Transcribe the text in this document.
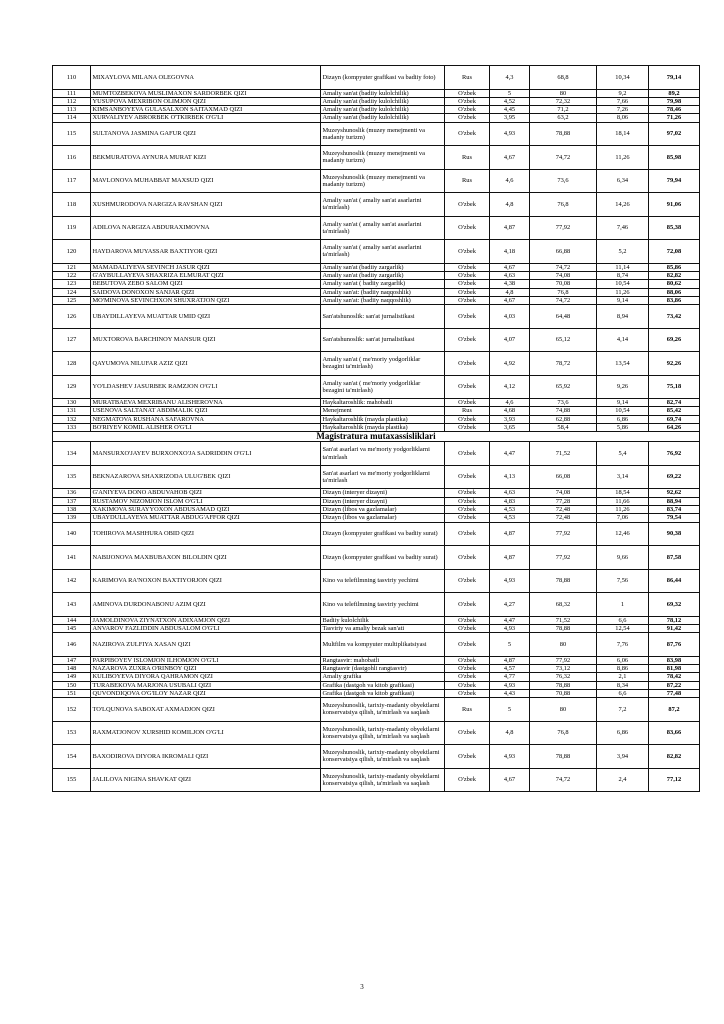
110	MIXAYLOVA MILANA OLEGOVNA	Dizayn (kompyuter grafikasi va badiiy foto)	Rus	4,3	68,8	10,34	79,14
111	MUMTOZBEKOVA MUSLIMAXON SARDORBEK QIZI	Amaliy san'at (badiiy kulolchilik)	O'zbek	5	80	9,2	89,2
112	YUSUPOVA MEXRIBON OLIMJON QIZI	Amaliy san'at (badiiy kulolchilik)	O'zbek	4,52	72,32	7,66	79,98
113	KIMSANBOYEVA GULASALXON SAITAXMAD QIZI	Amaliy san'at (badiiy kulolchilik)	O'zbek	4,45	71,2	7,26	78,46
114	XURVALIYEV ABRORBEK O'TKIRBEK O'G'LI	Amaliy san'at (badiiy kulolchilik)	O'zbek	3,95	63,2	8,06	71,26
115	SULTANOVA JASMINA GAFUR QIZI	Muzeyshunoslik (muzey menejmenti va madaniy turizm)	O'zbek	4,93	78,88	18,14	97,02
116	BEKMURATOVA AYNURA MURAT KIZI	Muzeyshunoslik (muzey menejmenti va madaniy turizm)	Rus	4,67	74,72	11,26	85,98
117	MAVLONOVA MUHABBAT MAXSUD QIZI	Muzeyshunoslik (muzey menejmenti va madaniy turizm)	Rus	4,6	73,6	6,34	79,94
118	XUSHMURODOVA NARGIZA RAVSHAN QIZI	Amaliy san'at ( amaliy san'at asarlarini ta'mirlash)	O'zbek	4,8	76,8	14,26	91,06
119	ADILOVA NARGIZA ABDURAXIMOVNA	Amaliy san'at ( amaliy san'at asarlarini ta'mirlash)	O'zbek	4,87	77,92	7,46	85,38
120	HAYDAROVA MUYASSAR BAXTIYOR QIZI	Amaliy san'at ( amaliy san'at asarlarini ta'mirlash)	O'zbek	4,18	66,88	5,2	72,08
121	MAMADALIYEVA SEVINCH JASUR QIZI	Amaliy san'at (badiiy zargarlik)	O'zbek	4,67	74,72	11,14	85,86
122	G'AYBULLAYEVA SHAXRIZA ELMURAT QIZI	Amaliy san'at (badiiy zargarlik)	O'zbek	4,63	74,08	8,74	82,82
123	BEBUTOVA ZEBO SALOM QIZI	Amaliy san'at ( badiiy zargarlik)	O'zbek	4,38	70,08	10,54	80,62
124	SAIDOVA DONOXON SANJAR QIZI	Amaliy san'at: (badiiy naqqoshlik)	O'zbek	4,8	76,8	11,26	88,06
125	MO'MINOVA SEVINCHXON SHUXRATJON QIZI	Amaliy san'at: (badiiy naqqoshlik)	O'zbek	4,67	74,72	9,14	83,86
126	UBAYDILLAYEVA MUATTAR UMID QIZI	San'atshunoslik: san'at jurnalistikasi	O'zbek	4,03	64,48	8,94	73,42
127	MUXTOROVA BARCHINOY MANSUR QIZI	San'atshunoslik: san'at jurnalistikasi	O'zbek	4,07	65,12	4,14	69,26
128	QAYUMOVA NILUFAR AZIZ QIZI	Amaliy san'at ( me'moriy yodgorliklar bezagini ta'mirlash)	O'zbek	4,92	78,72	13,54	92,26
129	YO'LDASHEV JASURBEK RAMZJON O'G'LI	Amaliy san'at ( me'moriy yodgorliklar bezagini ta'mirlash)	O'zbek	4,12	65,92	9,26	75,18
130	MURATBAEVA MEXRIBANU ALISHEROVNA	Haykaltaroshlik: mahobatli	O'zbek	4,6	73,6	9,14	82,74
131	USENOVA SALTANAT ABDIMALIK QIZI	Menejment	Rus	4,68	74,88	10,54	85,42
132	NEGMATOVA RUSHANA SAFAROVNA	Haykaltaroshlik (mayda plastika)	O'zbek	3,93	62,88	6,86	69,74
133	BO'RIYEV KOMIL ALISHER O'G'LI	Haykaltaroshlik (mayda plastika)	O'zbek	3,65	58,4	5,86	64,26
Magistratura mutaxassisliklari							
134	MANSURXO'JAYEV BURXONXO'JA SADRIDDIN O'G'LI	San'at asarlari va me'moriy yodgorliklarni ta'mirlash	O'zbek	4,47	71,52	5,4	76,92
135	BEKNAZAROVA SHAXRIZODA ULUG'BEK QIZI	San'at asarlari va me'moriy yodgorliklarni ta'mirlash	O'zbek	4,13	66,08	3,14	69,22
136	G'ANIYEVA DONO ABDUVAHOB QIZI	Dizayn (interyer dizayni)	O'zbek	4,63	74,08	18,54	92,62
137	RUSTAMOV NIZOMJON ISLOM O'G'LI	Dizayn (interyer dizayni)	O'zbek	4,83	77,28	11,66	88,94
138	XAKIMOVA SURAYYOXON ABDUSAMAD QIZI	Dizayn (libos va gazlamalar)	O'zbek	4,53	72,48	11,26	83,74
139	UBAYDULLAYEVA MUATTAR ABDUG'AFFOR QIZI	Dizayn (libos va gazlamalar)	O'zbek	4,53	72,48	7,06	79,54
140	TOHIROVA MASHHURA OBID QIZI	Dizayn (kompyuter grafikasi va badiiy surat)	O'zbek	4,87	77,92	12,46	90,38
141	NABIJONOVA MAXBUBAXON BILOLDIN QIZI	Dizayn (kompyuter grafikasi va badiiy surat)	O'zbek	4,87	77,92	9,66	87,58
142	KARIMOVA RA'NOXON BAXTIYORJON QIZI	Kino va telefilmning tasviriy yechimi	O'zbek	4,93	78,88	7,56	86,44
143	AMINOVA DURDONABONU AZIM QIZI	Kino va telefilmning tasviriy yechimi	O'zbek	4,27	68,32	1	69,32
144	JAMOLDINOVA ZIYNATXON ADIXAMJON QIZI	Badiiy kulolchilik	O'zbek	4,47	71,52	6,6	78,12
145	ANVAROV FAZLIDDIN ABDUSALOM O'G'LI	Tasviriy va amaliy bezak san'ati	O'zbek	4,93	78,88	12,54	91,42
146	NAZIROVA ZULFIYA XASAN QIZI	Multfilm va kompyuter multiplikatsiyasi	O'zbek	5	80	7,76	87,76
147	PARPIBOYEV ISLOMJON ILHOMJON O'G'LI	Rangtasvir: mahobatli	O'zbek	4,87	77,92	6,06	83,98
148	NAZAROVA ZUXRA O'RINBOY QIZI	Rangtasvir (dastgohli rangtasvir)	O'zbek	4,57	73,12	8,86	81,98
149	KULIBOYEVA DIYORA QAHRAMON QIZI	Amaliy grafika	O'zbek	4,77	76,32	2,1	78,42
150	TURABEKOVA MARJONA USUBALI QIZI	Grafika (dastgoh va kitob grafikasi)	O'zbek	4,93	78,88	8,34	87,22
151	QUVONDIQOVA O'G'ILOY NAZAR QIZI	Grafika (dastgoh va kitob grafikasi)	O'zbek	4,43	70,88	6,6	77,48
152	TO'LQUNOVA SABOXAT AXMADJON QIZI	Muzeyshunoslik, tarixiy-madaniy obyektlarni konservatsiya qilish, ta'mirlash va saqlash	Rus	5	80	7,2	87,2
153	RAXMATJONOV XURSHID KOMILJON O'G'LI	Muzeyshunoslik, tarixiy-madaniy obyektlarni konservatsiya qilish, ta'mirlash va saqlash	O'zbek	4,8	76,8	6,86	83,66
154	BAXODIROVA DIYORA IKROMALI QIZI	Muzeyshunoslik, tarixiy-madaniy obyektlarni konservatsiya qilish, ta'mirlash va saqlash	O'zbek	4,93	78,88	3,94	82,82
155	JALILOVA NIGINA SHAVKAT QIZI	Muzeyshunoslik, tarixiy-madaniy obyektlarni konservatsiya qilish, ta'mirlash va saqlash	O'zbek	4,67	74,72	2,4	77,12
3
